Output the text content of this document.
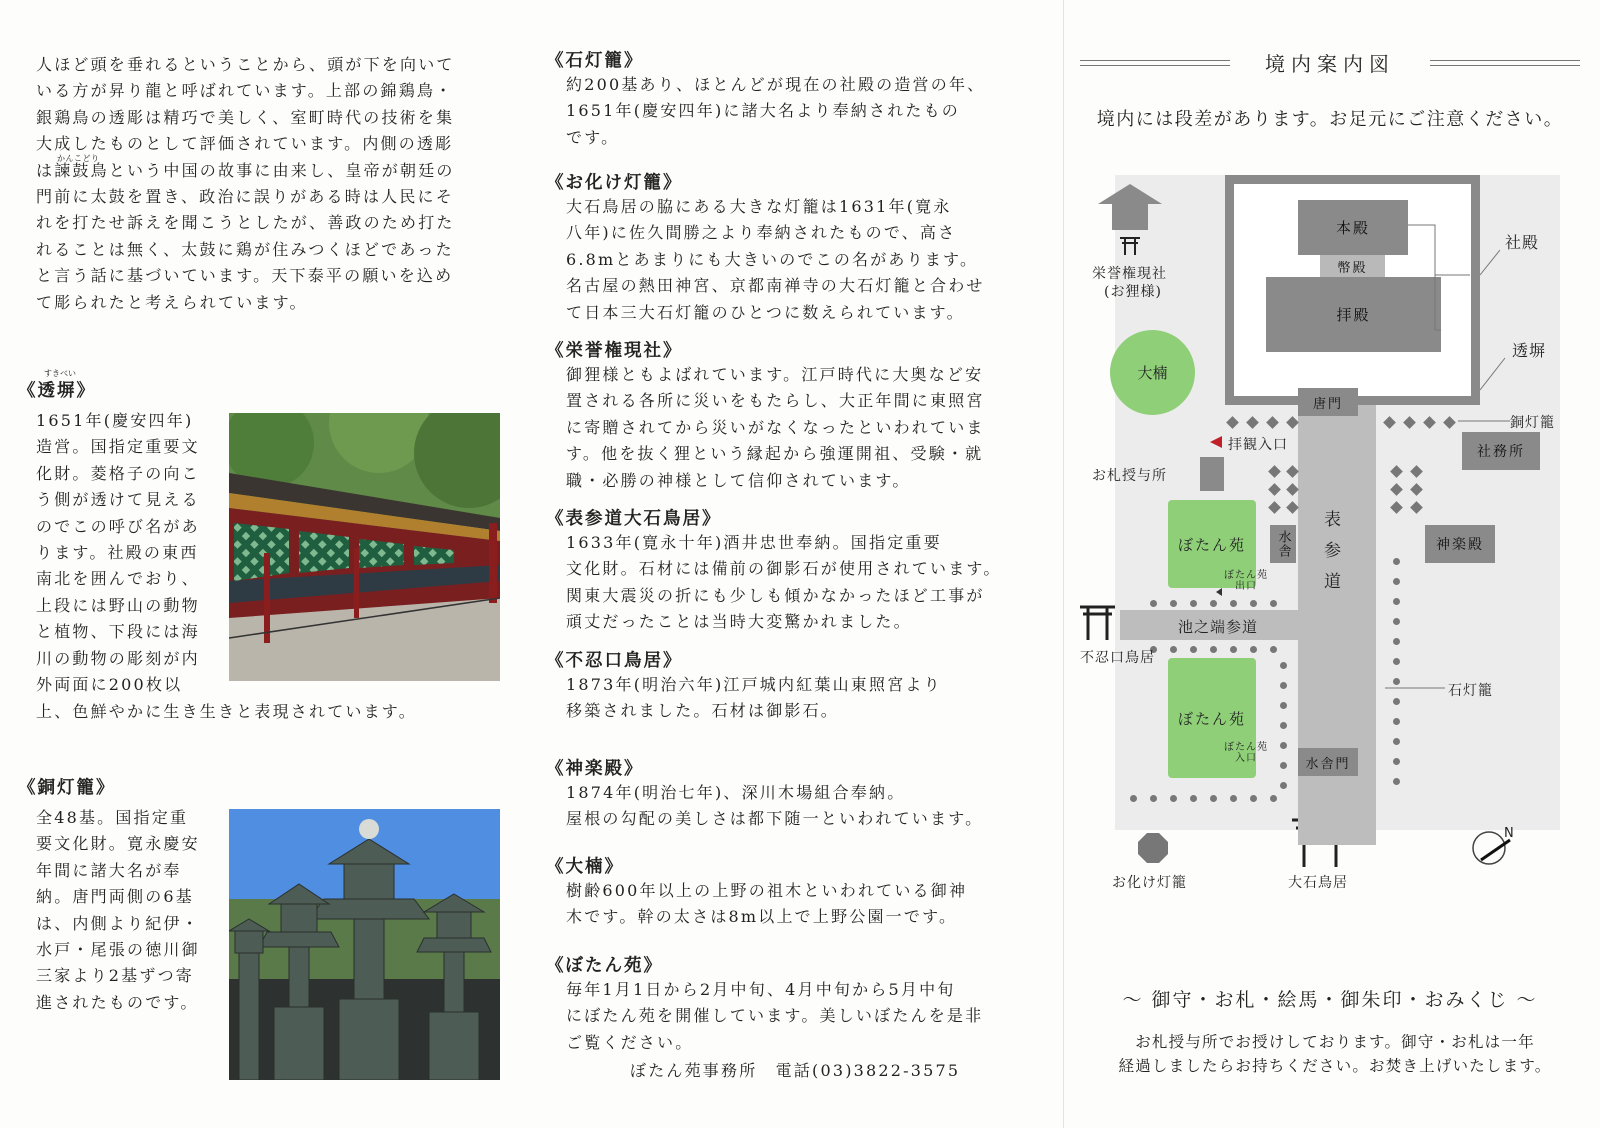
人ほど頭を垂れるということから、頭が下を向いて
いる方が昇り龍と呼ばれています。上部の錦鶏鳥・
銀鶏鳥の透彫は精巧で美しく、室町時代の技術を集
大成したものとして評価されています。内側の透彫
は諫鼓鳥という中国の故事に由来し、皇帝が朝廷の
門前に太鼓を置き、政治に誤りがある時は人民にそ
れを打たせ訴えを聞こうとしたが、善政のため打た
れることは無く、太鼓に鶏が住みつくほどであった
と言う話に基づいています。天下泰平の願いを込め
て彫られたと考えられています。

かんこどり
すきべい
《透塀》

1651年(慶安四年)
造営。国指定重要文
化財。菱格子の向こ
う側が透けて見える
のでこの呼び名があ
ります。社殿の東西
南北を囲んでおり、
上段には野山の動物
と植物、下段には海
川の動物の彫刻が内
外両面に200枚以

上、色鮮やかに生き生きと表現されています。

《銅灯籠》

全48基。国指定重
要文化財。寛永慶安
年間に諸大名が奉
納。唐門両側の6基
は、内側より紀伊・
水戸・尾張の徳川御
三家より2基ずつ寄
進されたものです。

《石灯籠》

約200基あり、ほとんどが現在の社殿の造営の年、
1651年(慶安四年)に諸大名より奉納されたもの
です。

《お化け灯籠》

大石鳥居の脇にある大きな灯籠は1631年(寛永
八年)に佐久間勝之より奉納されたもので、高さ
6.8mとあまりにも大きいのでこの名があります。
名古屋の熱田神宮、京都南禅寺の大石灯籠と合わせ
て日本三大石灯籠のひとつに数えられています。

《栄誉権現社》

御狸様ともよばれています。江戸時代に大奥など安
置される各所に災いをもたらし、大正年間に東照宮
に寄贈されてから災いがなくなったといわれていま
す。他を抜く狸という縁起から強運開祖、受験・就
職・必勝の神様として信仰されています。

《表参道大石鳥居》

1633年(寛永十年)酒井忠世奉納。国指定重要
文化財。石材には備前の御影石が使用されています。
関東大震災の折にも少しも傾かなかったほど工事が
頑丈だったことは当時大変驚かれました。

《不忍口鳥居》

1873年(明治六年)江戸城内紅葉山東照宮より
移築されました。石材は御影石。

《神楽殿》

1874年(明治七年)、深川木場組合奉納。
屋根の勾配の美しさは都下随一といわれています。

《大楠》

樹齢600年以上の上野の祖木といわれている御神
木です。幹の太さは8m以上で上野公園一です。

《ぼたん苑》

毎年1月1日から2月中旬、4月中旬から5月中旬
にぼたん苑を開催しています。美しいぼたんを是非
ご覧ください。

ぼたん苑事務所　電話(03)3822-3575
境内案内図
境内には段差があります。お足元にご注意ください。
本殿
幣殿
拝殿
唐門
水舎門
表参道
池之端参道
社務所
神楽殿
水舎
ぼたん苑
ぼたん苑
大楠
社殿
透塀
銅灯籠
栄誉権現社
(お狸様)
拝観入口
お札授与所
ぼたん苑
出口
ぼたん苑
入口
不忍口鳥居
石灯籠
お化け灯籠	大石鳥居
N
〜 御守・お札・絵馬・御朱印・おみくじ 〜
お札授与所でお授けしております。御守・お札は一年
経過しましたらお持ちください。お焚き上げいたします。
